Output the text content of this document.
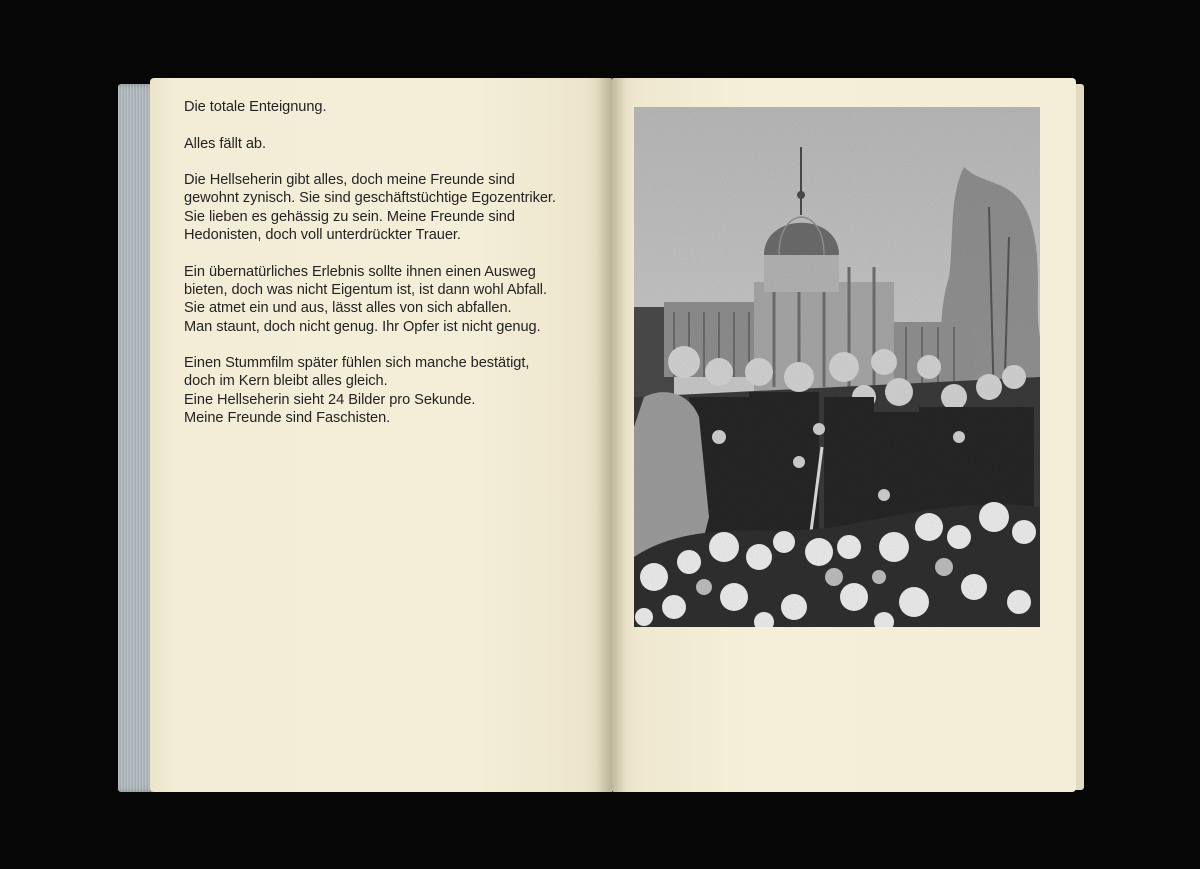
Die totale Enteignung.

Alles fällt ab.

Die Hellseherin gibt alles, doch meine Freunde sind
gewohnt zynisch. Sie sind geschäftstüchtige Egozentriker.
Sie lieben es gehässig zu sein. Meine Freunde sind
Hedonisten, doch voll unterdrückter Trauer.

Ein übernatürliches Erlebnis sollte ihnen einen Ausweg
bieten, doch was nicht Eigentum ist, ist dann wohl Abfall.
Sie atmet ein und aus, lässt alles von sich abfallen.
Man staunt, doch nicht genug. Ihr Opfer ist nicht genug.

Einen Stummfilm später fühlen sich manche bestätigt,
doch im Kern bleibt alles gleich.
Eine Hellseherin sieht 24 Bilder pro Sekunde.
Meine Freunde sind Faschisten.
